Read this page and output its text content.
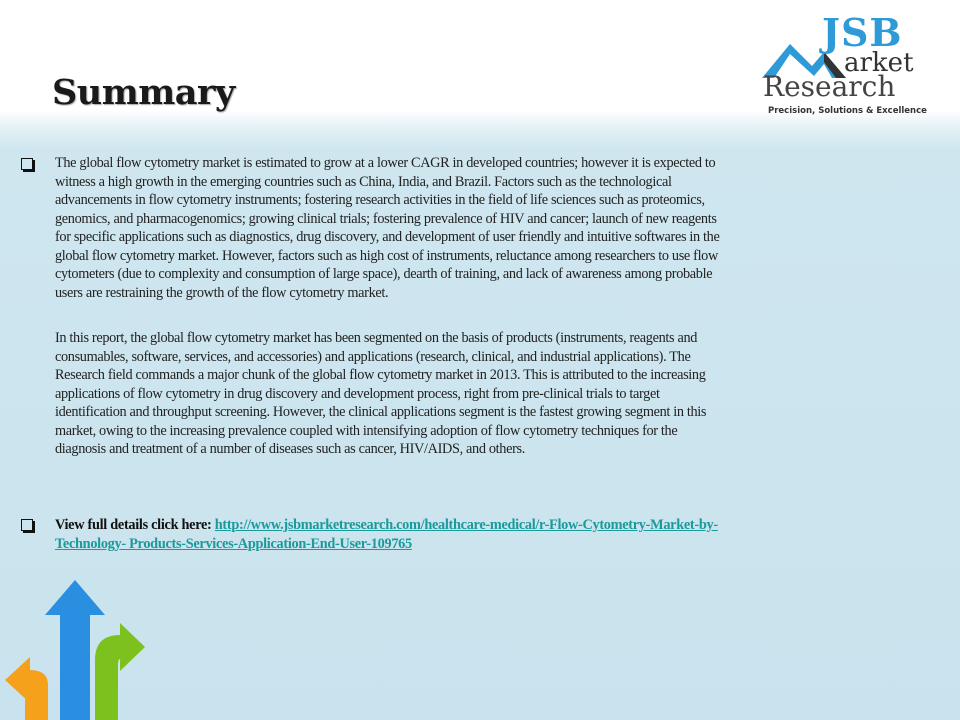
Summary
JSB
arket
Research
Precision, Solutions & Excellence
The global flow cytometry market is estimated to grow at a lower CAGR in developed countries; however it is expected to
witness a high growth in the emerging countries such as China, India, and Brazil. Factors such as the technological
advancements in flow cytometry instruments; fostering research activities in the field of life sciences such as proteomics,
genomics, and pharmacogenomics; growing clinical trials; fostering prevalence of HIV and cancer; launch of new reagents
for specific applications such as diagnostics, drug discovery, and development of user friendly and intuitive softwares in the
global flow cytometry market. However, factors such as high cost of instruments, reluctance among researchers to use flow
cytometers (due to complexity and consumption of large space), dearth of training, and lack of awareness among probable
users are restraining the growth of the flow cytometry market.
In this report, the global flow cytometry market has been segmented on the basis of products (instruments, reagents and
consumables, software, services, and accessories) and applications (research, clinical, and industrial applications). The
Research field commands a major chunk of the global flow cytometry market in 2013. This is attributed to the increasing
applications of flow cytometry in drug discovery and development process, right from pre-clinical trials to target
identification and throughput screening. However, the clinical applications segment is the fastest growing segment in this
market, owing to the increasing prevalence coupled with intensifying adoption of flow cytometry techniques for the
diagnosis and treatment of a number of diseases such as cancer, HIV/AIDS, and others.
View full details click here: http://www.jsbmarketresearch.com/healthcare-medical/r-Flow-Cytometry-Market-by-
Technology- Products-Services-Application-End-User-109765
